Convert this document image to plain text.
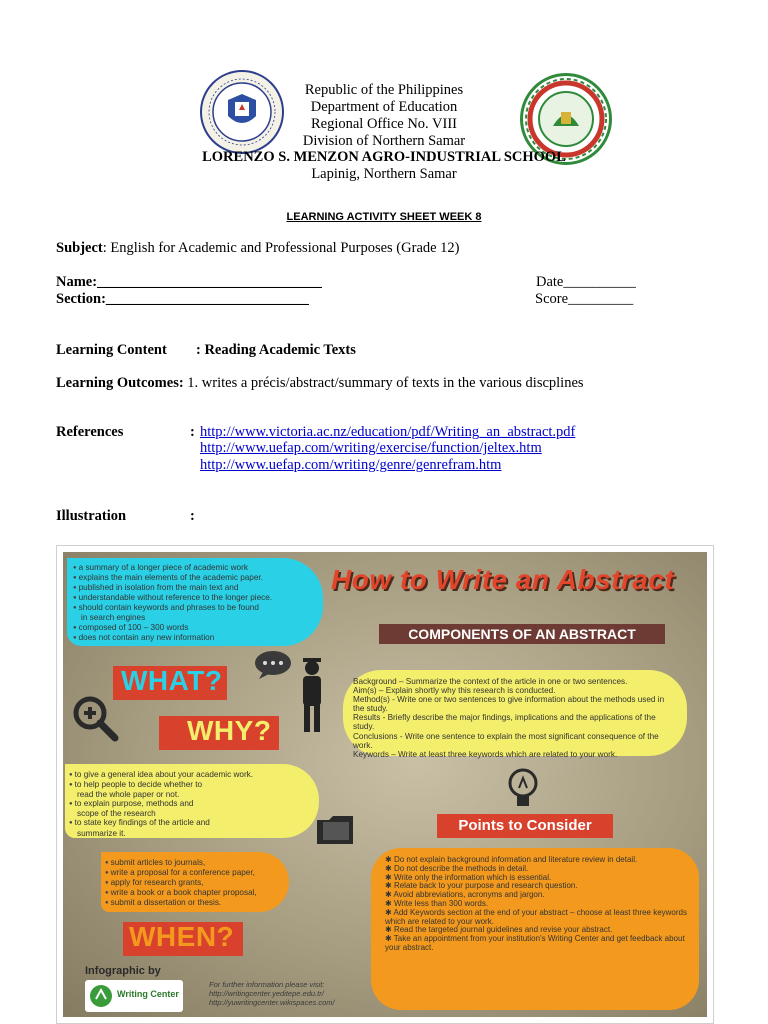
Republic of the Philippines
Department of Education
Regional Office No. VIII
Division of Northern Samar
LORENZO S. MENZON AGRO-INDUSTRIAL SCHOOL
Lapinig, Northern Samar
LEARNING ACTIVITY SHEET WEEK 8
Subject: English for Academic and Professional Purposes (Grade 12)
Name:_______________________________	Date__________
Section:____________________________	Score_________
Learning Content : Reading Academic Texts
Learning Outcomes: 1. writes a précis/abstract/summary of texts in the various discplines
References	: http://www.victoria.ac.nz/education/pdf/Writing_an_abstract.pdf
http://www.uefap.com/writing/exercise/function/jeltex.htm
http://www.uefap.com/writing/genre/genrefram.htm
Illustration	:
● a summary of a longer piece of academic work
● explains the main elements of the academic paper.
● published in isolation from the main text and
● understandable without reference to the longer piece.
● should contain keywords and phrases to be found in search engines
● composed of 100 – 300 words
● does not contain any new information
How to Write an Abstract
COMPONENTS OF AN ABSTRACT
WHAT?
WHY?
Background – Summarize the context of the article in one or two sentences.
Aim(s) – Explain shortly why this research is conducted.
Method(s) - Write one or two sentences to give information about the methods used in the study.
Results - Briefly describe the major findings, implications and the applications of the study.
Conclusions - Write one sentence to explain the most significant consequence of the work.
Keywords – Write at least three keywords which are related to your work.
● to give a general idea about your academic work.
● to help people to decide whether to read the whole paper or not.
● to explain purpose, methods and scope of the research
● to state key findings of the article and summarize it.	Points to Consider
● submit articles to journals,
● write a proposal for a conference paper,
● apply for research grants,
● write a book or a book chapter proposal,
● submit a dissertation or thesis.
WHEN?
✱ Do not explain background information and literature review in detail.
✱ Do not describe the methods in detail.
✱ Write only the information which is essential.
✱ Relate back to your purpose and research question.
✱ Avoid abbreviations, acronyms and jargon.
✱ Write less than 300 words.
✱ Add Keywords section at the end of your abstract – choose at least three keywords which are related to your work.
✱ Read the targeted journal guidelines and revise your abstract.
✱ Take an appointment from your institution's Writing Center and get feedback about your abstract.
Infographic by
Writing Center
For further information please visit:
http://writingcenter.yeditepe.edu.tr/
http://yuwritingcenter.wikispaces.com/
